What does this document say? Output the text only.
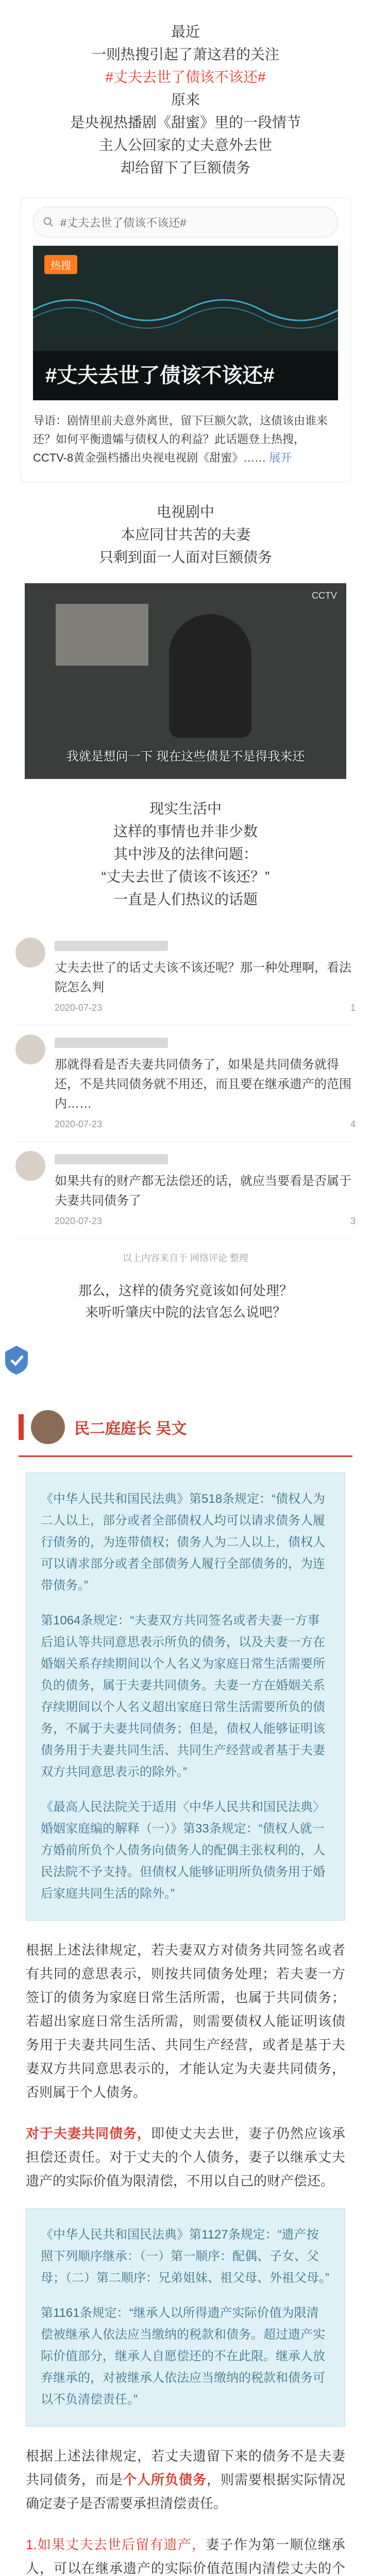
最近
一则热搜引起了萧这君的关注
#丈夫去世了债该不该还#
原来
是央视热播剧《甜蜜》里的一段情节
主人公回家的丈夫意外去世
却给留下了巨额债务
#丈夫去世了债该不该还#
热搜
#丈夫去世了债该不该还#
导语：剧情里前夫意外离世，留下巨额欠款，这债该由谁来还？如何平衡遗孀与债权人的利益？此话题登上热搜，CCTV-8黄金强档播出央视电视剧《甜蜜》…… 展开
电视剧中
本应同甘共苦的夫妻
只剩到面一人面对巨额债务
CCTV
我就是想问一下 现在这些债是不是得我来还
现实生活中
这样的事情也并非少数
其中涉及的法律问题：
“丈夫去世了债该不该还？”
一直是人们热议的话题
丈夫去世了的话丈夫该不该还呢？那一种处理啊，看法院怎么判
2020-07-23	1
那就得看是否夫妻共同债务了，如果是共同债务就得还，不是共同债务就不用还，而且要在继承遗产的范围内……
2020-07-23	4
如果共有的财产都无法偿还的话，就应当要看是否属于夫妻共同债务了
2020-07-23	3
以上内容来自于 网络评论 整理
那么，这样的债务究竟该如何处理？
来听听肇庆中院的法官怎么说吧？
民二庭庭长 吴文

《中华人民共和国民法典》第518条规定：“债权人为二人以上，部分或者全部债权人均可以请求债务人履行债务的，为连带债权；债务人为二人以上，债权人可以请求部分或者全部债务人履行全部债务的，为连带债务。”

第1064条规定：“夫妻双方共同签名或者夫妻一方事后追认等共同意思表示所负的债务，以及夫妻一方在婚姻关系存续期间以个人名义为家庭日常生活需要所负的债务，属于夫妻共同债务。夫妻一方在婚姻关系存续期间以个人名义超出家庭日常生活需要所负的债务，不属于夫妻共同债务；但是，债权人能够证明该债务用于夫妻共同生活、共同生产经营或者基于夫妻双方共同意思表示的除外。”

《最高人民法院关于适用〈中华人民共和国民法典〉婚姻家庭编的解释（一）》第33条规定：“债权人就一方婚前所负个人债务向债务人的配偶主张权利的，人民法院不予支持。但债权人能够证明所负债务用于婚后家庭共同生活的除外。”

根据上述法律规定，若夫妻双方对债务共同签名或者有共同的意思表示，则按共同债务处理；若夫妻一方签订的债务为家庭日常生活所需，也属于共同债务；若超出家庭日常生活所需，则需要债权人能证明该债务用于夫妻共同生活、共同生产经营，或者是基于夫妻双方共同意思表示的，才能认定为夫妻共同债务，否则属于个人债务。
对于夫妻共同债务，即使丈夫去世，妻子仍然应该承担偿还责任。对于丈夫的个人债务，妻子以继承丈夫遗产的实际价值为限清偿，不用以自己的财产偿还。

《中华人民共和国民法典》第1127条规定：“遗产按照下列顺序继承：（一）第一顺序：配偶、子女、父母；（二）第二顺序：兄弟姐妹、祖父母、外祖父母。”

第1161条规定：“继承人以所得遗产实际价值为限清偿被继承人依法应当缴纳的税款和债务。超过遗产实际价值部分，继承人自愿偿还的不在此限。继承人放弃继承的，对被继承人依法应当缴纳的税款和债务可以不负清偿责任。”

根据上述法律规定，若丈夫遗留下来的债务不是夫妻共同债务，而是个人所负债务，则需要根据实际情况确定妻子是否需要承担清偿责任。
1.如果丈夫去世后留有遗产，妻子作为第一顺位继承人，可以在继承遗产的实际价值范围内清偿丈夫的个
